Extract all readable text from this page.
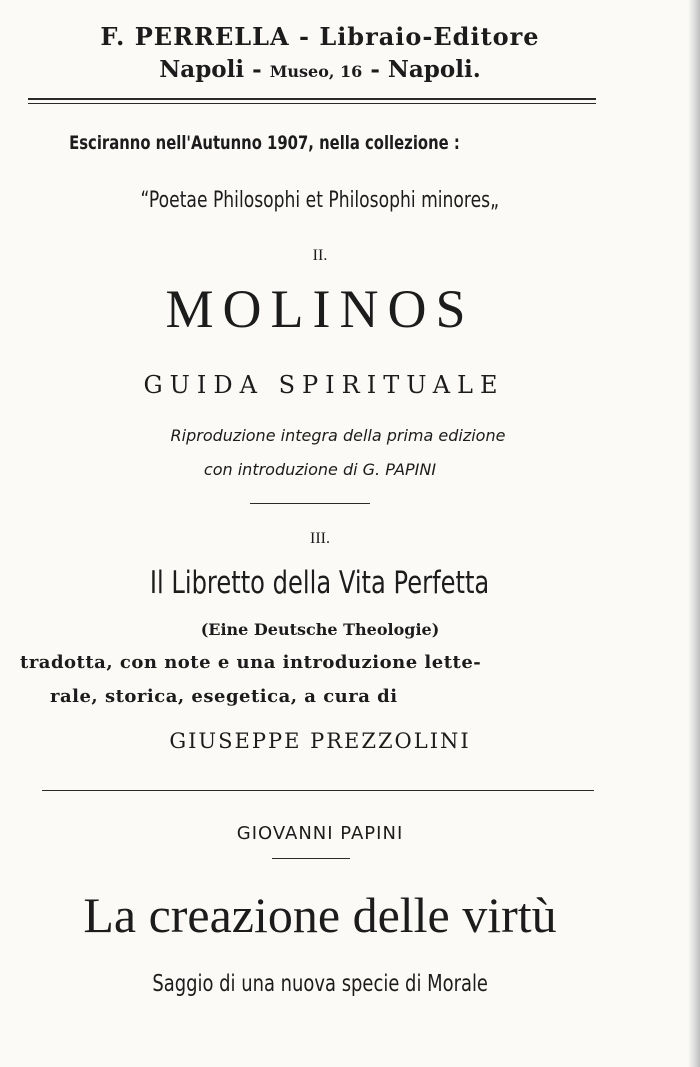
F. PERRELLA - Libraio-Editore
Napoli - Museo, 16 - Napoli.
Esciranno nell'Autunno 1907, nella collezione :
“Poetae Philosophi et Philosophi minores„
II.
MOLINOS
GUIDA SPIRITUALE
Riproduzione integra della prima edizione
con introduzione di G. PAPINI
III.
Il Libretto della Vita Perfetta
(Eine Deutsche Theologie)
tradotta, con note e una introduzione lette-
rale, storica, esegetica, a cura di
GIUSEPPE PREZZOLINI
GIOVANNI PAPINI
La creazione delle virtù
Saggio di una nuova specie di Morale
